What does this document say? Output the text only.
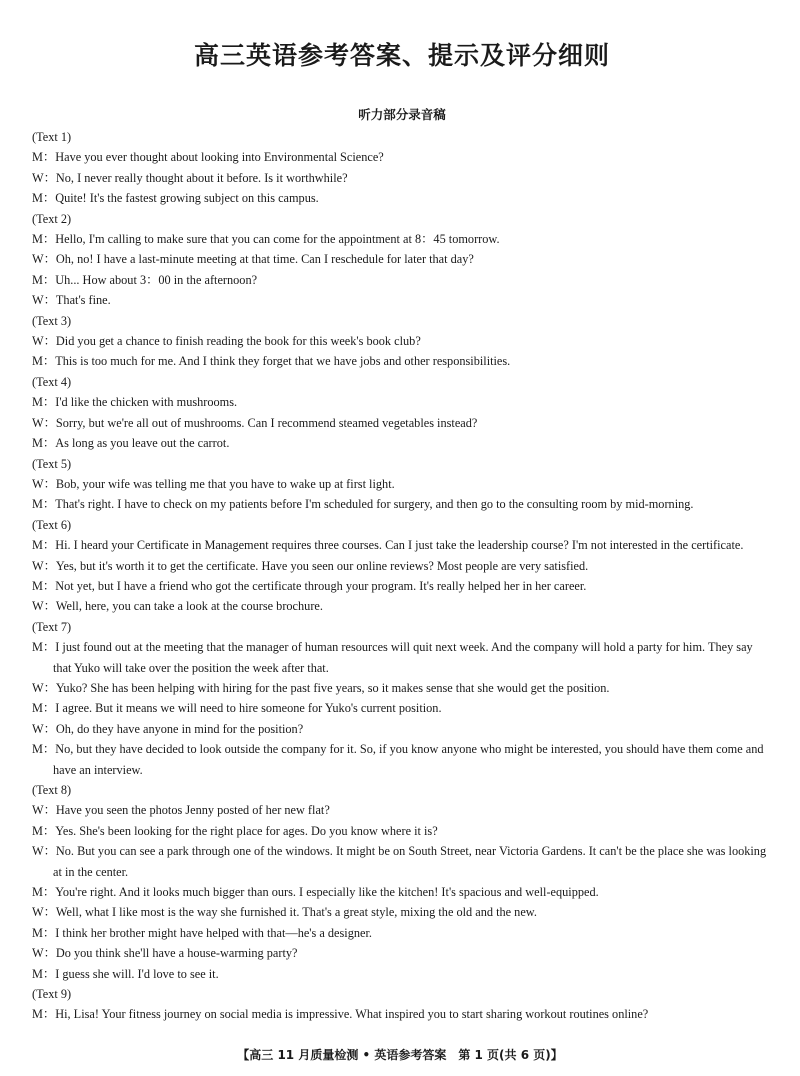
高三英语参考答案、提示及评分细则
听力部分录音稿
(Text 1)
M：Have you ever thought about looking into Environmental Science?
W：No, I never really thought about it before. Is it worthwhile?
M：Quite! It's the fastest growing subject on this campus.
(Text 2)
M：Hello, I'm calling to make sure that you can come for the appointment at 8：45 tomorrow.
W：Oh, no! I have a last-minute meeting at that time. Can I reschedule for later that day?
M：Uh... How about 3：00 in the afternoon?
W：That's fine.
(Text 3)
W：Did you get a chance to finish reading the book for this week's book club?
M：This is too much for me. And I think they forget that we have jobs and other responsibilities.
(Text 4)
M：I'd like the chicken with mushrooms.
W：Sorry, but we're all out of mushrooms. Can I recommend steamed vegetables instead?
M：As long as you leave out the carrot.
(Text 5)
W：Bob, your wife was telling me that you have to wake up at first light.
M：That's right. I have to check on my patients before I'm scheduled for surgery, and then go to the consulting room by mid-morning.
(Text 6)
M：Hi. I heard your Certificate in Management requires three courses. Can I just take the leadership course? I'm not interested in the certificate.
W：Yes, but it's worth it to get the certificate. Have you seen our online reviews? Most people are very satisfied.
M：Not yet, but I have a friend who got the certificate through your program. It's really helped her in her career.
W：Well, here, you can take a look at the course brochure.
(Text 7)
M：I just found out at the meeting that the manager of human resources will quit next week. And the company will hold a party for him. They say that Yuko will take over the position the week after that.
W：Yuko? She has been helping with hiring for the past five years, so it makes sense that she would get the position.
M：I agree. But it means we will need to hire someone for Yuko's current position.
W：Oh, do they have anyone in mind for the position?
M：No, but they have decided to look outside the company for it. So, if you know anyone who might be interested, you should have them come and have an interview.
(Text 8)
W：Have you seen the photos Jenny posted of her new flat?
M：Yes. She's been looking for the right place for ages. Do you know where it is?
W：No. But you can see a park through one of the windows. It might be on South Street, near Victoria Gardens. It can't be the place she was looking at in the center.
M：You're right. And it looks much bigger than ours. I especially like the kitchen! It's spacious and well-equipped.
W：Well, what I like most is the way she furnished it. That's a great style, mixing the old and the new.
M：I think her brother might have helped with that—he's a designer.
W：Do you think she'll have a house-warming party?
M：I guess she will. I'd love to see it.
(Text 9)
M：Hi, Lisa! Your fitness journey on social media is impressive. What inspired you to start sharing workout routines online?
【高三 11 月质量检测 • 英语参考答案　第 1 页(共 6 页)】
